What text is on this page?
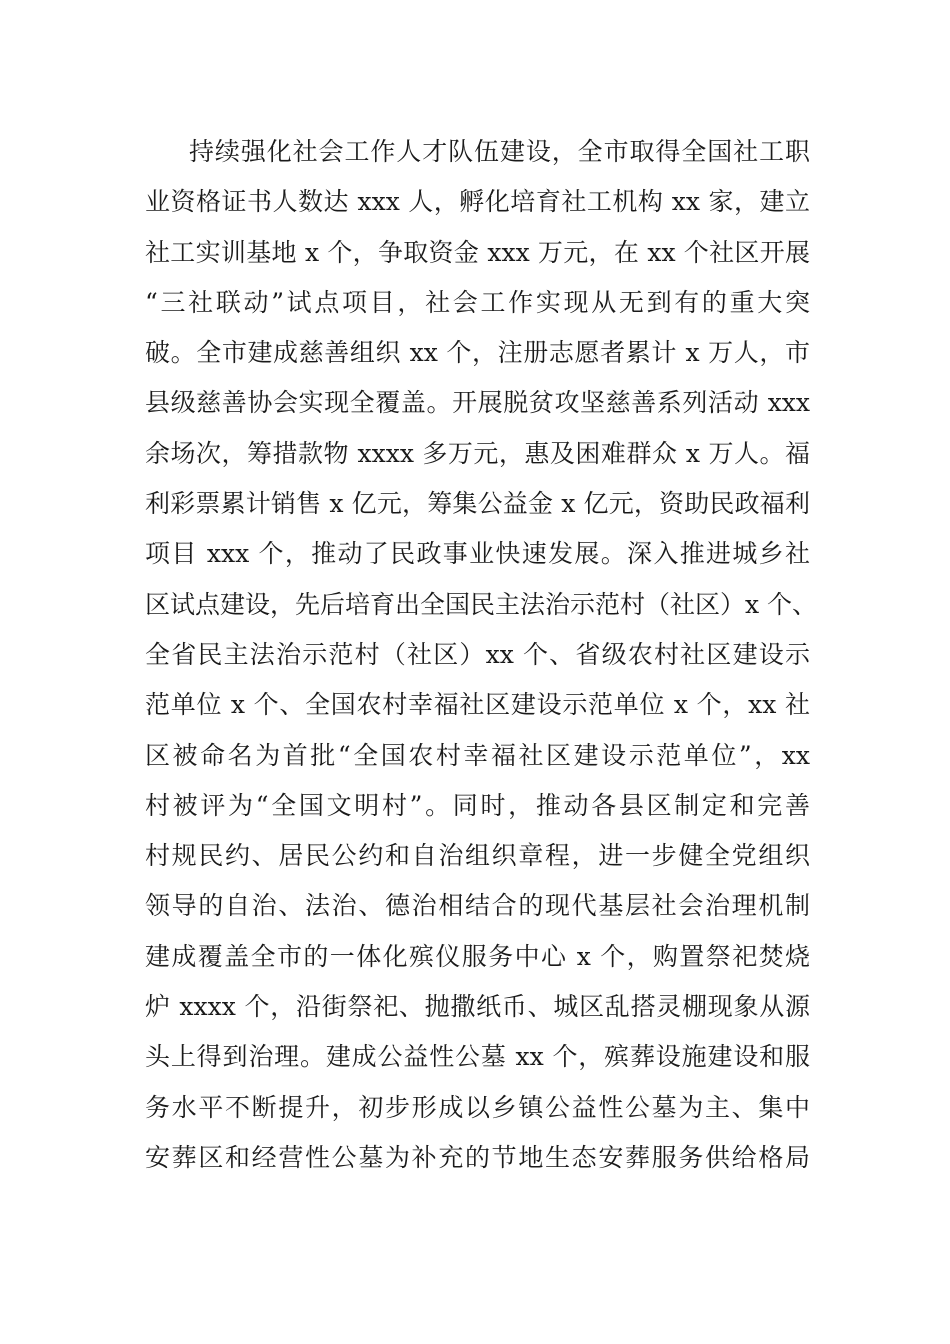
持续强化社会工作人才队伍建设，全市取得全国社工职
业资格证书人数达 xxx 人，孵化培育社工机构 xx 家，建立
社工实训基地 x 个，争取资金 xxx 万元，在 xx 个社区开展
“三社联动”试点项目，社会工作实现从无到有的重大突
破。全市建成慈善组织 xx 个，注册志愿者累计 x 万人，市
县级慈善协会实现全覆盖。开展脱贫攻坚慈善系列活动 xxx
余场次，筹措款物 xxxx 多万元，惠及困难群众 x 万人。福
利彩票累计销售 x 亿元，筹集公益金 x 亿元，资助民政福利
项目 xxx 个，推动了民政事业快速发展。深入推进城乡社
区试点建设，先后培育出全国民主法治示范村（社区）x 个、
全省民主法治示范村（社区）xx 个、省级农村社区建设示
范单位 x 个、全国农村幸福社区建设示范单位 x 个，xx 社
区被命名为首批“全国农村幸福社区建设示范单位”，xx
村被评为“全国文明村”。同时，推动各县区制定和完善
村规民约、居民公约和自治组织章程，进一步健全党组织
领导的自治、法治、德治相结合的现代基层社会治理机制
建成覆盖全市的一体化殡仪服务中心 x 个，购置祭祀焚烧
炉 xxxx 个，沿街祭祀、抛撒纸币、城区乱搭灵棚现象从源
头上得到治理。建成公益性公墓 xx 个，殡葬设施建设和服
务水平不断提升，初步形成以乡镇公益性公墓为主、集中
安葬区和经营性公墓为补充的节地生态安葬服务供给格局
